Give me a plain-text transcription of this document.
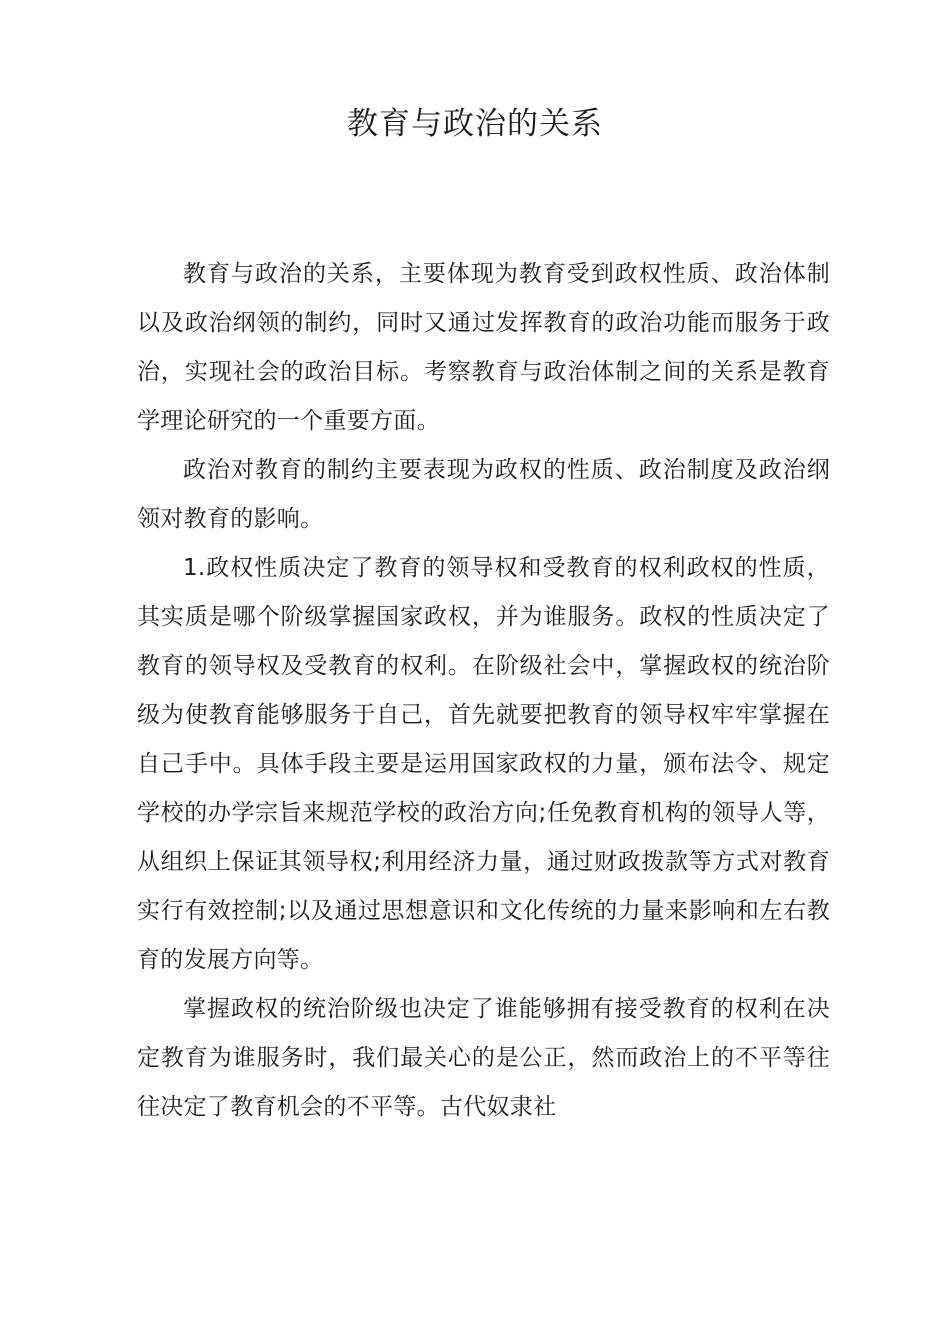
教育与政治的关系

教育与政治的关系，主要体现为教育受到政权性质、政治体制以及政治纲领的制约，同时又通过发挥教育的政治功能而服务于政治，实现社会的政治目标。考察教育与政治体制之间的关系是教育学理论研究的一个重要方面。

政治对教育的制约主要表现为政权的性质、政治制度及政治纲领对教育的影响。

1.政权性质决定了教育的领导权和受教育的权利政权的性质，其实质是哪个阶级掌握国家政权，并为谁服务。政权的性质决定了教育的领导权及受教育的权利。在阶级社会中，掌握政权的统治阶级为使教育能够服务于自己，首先就要把教育的领导权牢牢掌握在自己手中。具体手段主要是运用国家政权的力量，颁布法令、规定学校的办学宗旨来规范学校的政治方向;任免教育机构的领导人等，从组织上保证其领导权;利用经济力量，通过财政拨款等方式对教育实行有效控制;以及通过思想意识和文化传统的力量来影响和左右教育的发展方向等。

掌握政权的统治阶级也决定了谁能够拥有接受教育的权利在决定教育为谁服务时，我们最关心的是公正，然而政治上的不平等往往决定了教育机会的不平等。古代奴隶社
